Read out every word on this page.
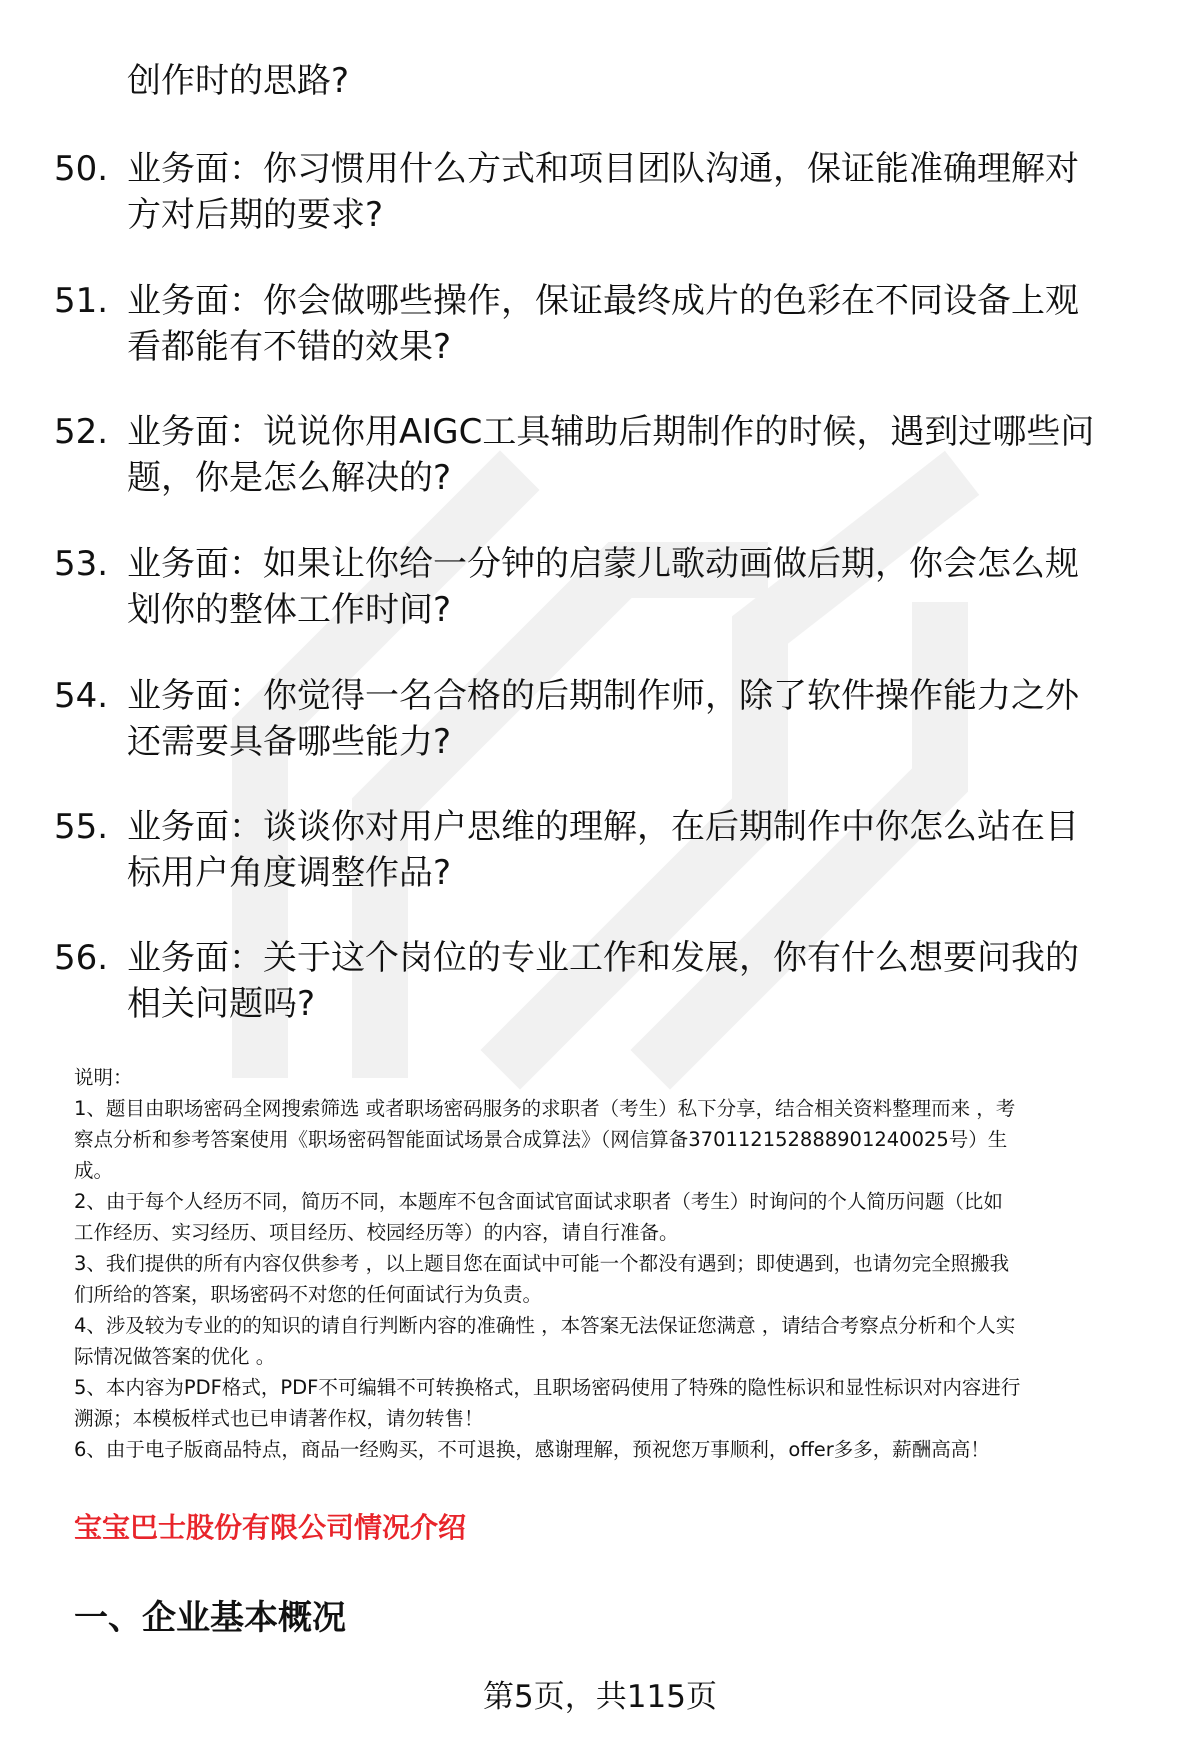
创作时的思路?
50. 业务面：你习惯用什么方式和项目团队沟通，保证能准确理解对
方对后期的要求?
51. 业务面：你会做哪些操作，保证最终成片的色彩在不同设备上观
看都能有不错的效果?
52. 业务面：说说你用AIGC工具辅助后期制作的时候，遇到过哪些问
题，你是怎么解决的?
53. 业务面：如果让你给一分钟的启蒙儿歌动画做后期，你会怎么规
划你的整体工作时间?
54. 业务面：你觉得一名合格的后期制作师，除了软件操作能力之外
还需要具备哪些能力?
55. 业务面：谈谈你对用户思维的理解，在后期制作中你怎么站在目
标用户角度调整作品?
56. 业务面：关于这个岗位的专业工作和发展，你有什么想要问我的
相关问题吗?
说明：
1、题目由职场密码全网搜索筛选 或者职场密码服务的求职者（考生）私下分享，结合相关资料整理而来 ，考
察点分析和参考答案使用《职场密码智能面试场景合成算法》（网信算备370112152888901240025号）生
成。
2、由于每个人经历不同，简历不同，本题库不包含面试官面试求职者（考生）时询问的个人简历问题（比如
工作经历、实习经历、项目经历、校园经历等）的内容，请自行准备。
3、我们提供的所有内容仅供参考 ，以上题目您在面试中可能一个都没有遇到；即使遇到，也请勿完全照搬我
们所给的答案，职场密码不对您的任何面试行为负责。
4、涉及较为专业的的知识的请自行判断内容的准确性 ，本答案无法保证您满意 ，请结合考察点分析和个人实
际情况做答案的优化 。
5、本内容为PDF格式，PDF不可编辑不可转换格式，且职场密码使用了特殊的隐性标识和显性标识对内容进行
溯源；本模板样式也已申请著作权，请勿转售！
6、由于电子版商品特点，商品一经购买，不可退换，感谢理解，预祝您万事顺利，offer多多，薪酬高高！
宝宝巴士股份有限公司情况介绍
一、企业基本概况
第5页，共115页
